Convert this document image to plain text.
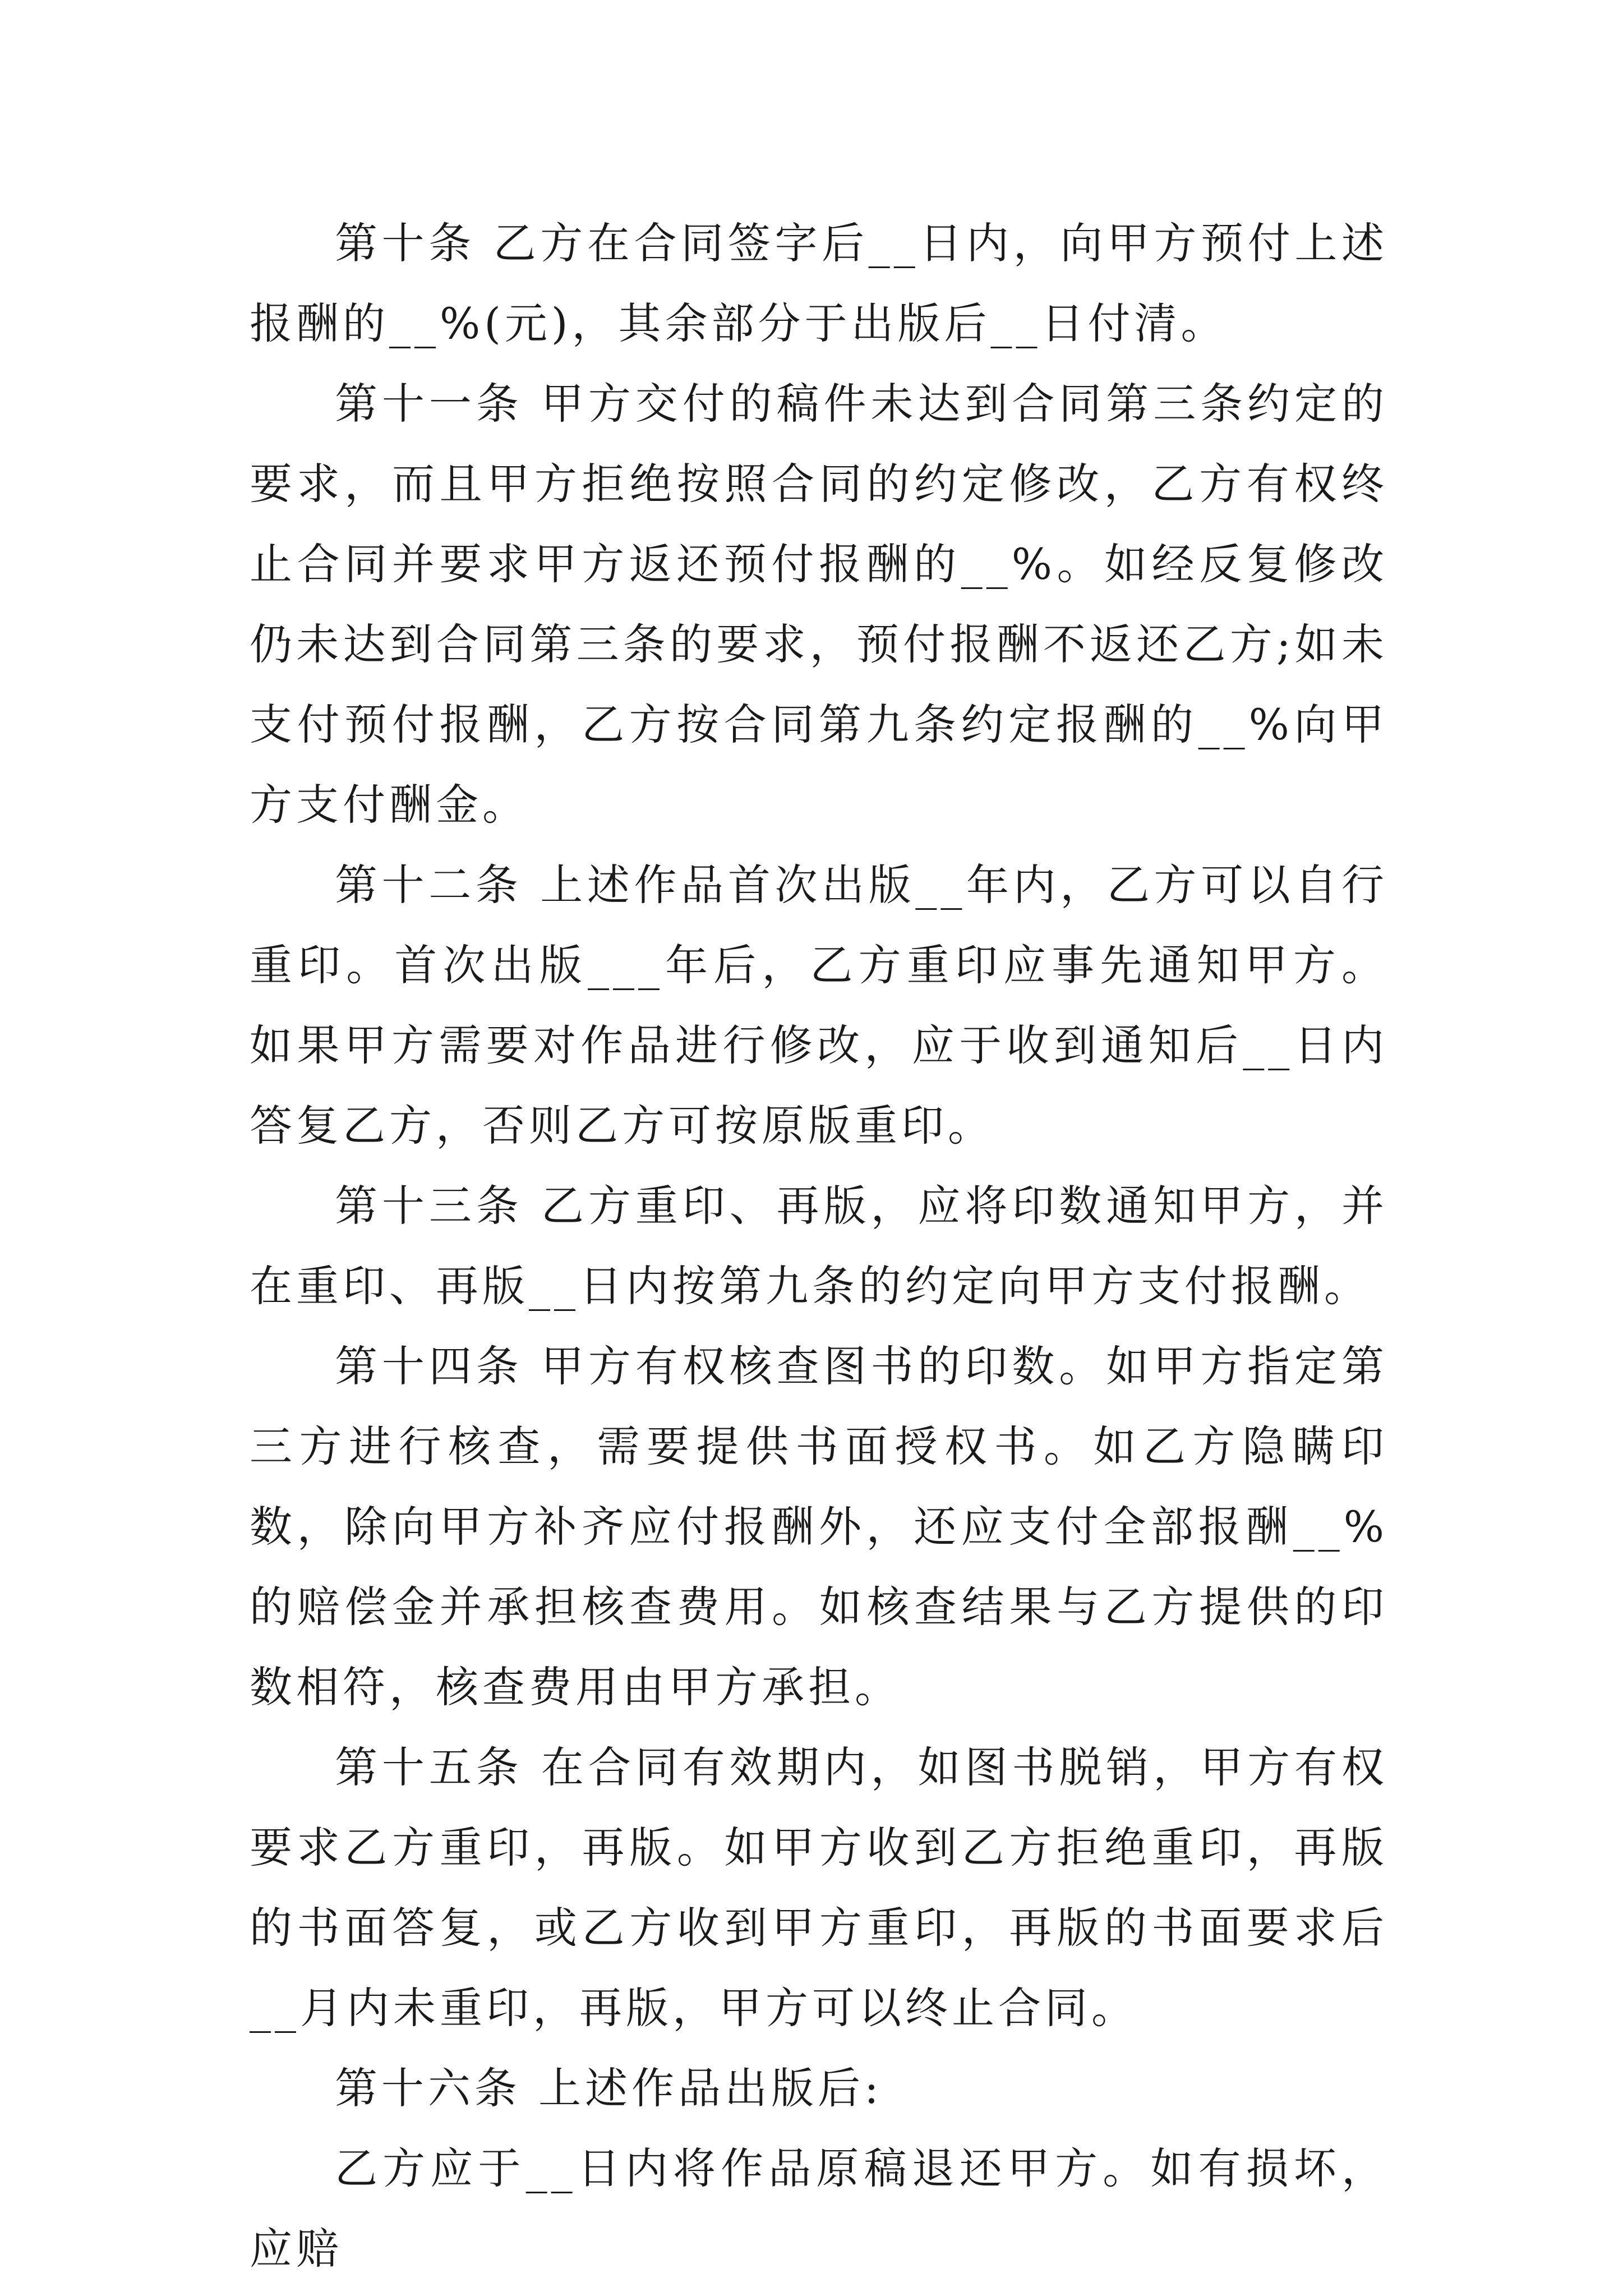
第十条 乙方在合同签字后__日内，向甲方预付上述报酬的__%(元)，其余部分于出版后__日付清。

第十一条 甲方交付的稿件未达到合同第三条约定的要求，而且甲方拒绝按照合同的约定修改，乙方有权终止合同并要求甲方返还预付报酬的__%。如经反复修改仍未达到合同第三条的要求，预付报酬不返还乙方;如未支付预付报酬，乙方按合同第九条约定报酬的__%向甲方支付酬金。

第十二条 上述作品首次出版__年内，乙方可以自行重印。首次出版___年后，乙方重印应事先通知甲方。如果甲方需要对作品进行修改，应于收到通知后__日内答复乙方，否则乙方可按原版重印。

第十三条 乙方重印、再版，应将印数通知甲方，并在重印、再版__日内按第九条的约定向甲方支付报酬。

第十四条 甲方有权核查图书的印数。如甲方指定第三方进行核查，需要提供书面授权书。如乙方隐瞒印数，除向甲方补齐应付报酬外，还应支付全部报酬__%的赔偿金并承担核查费用。如核查结果与乙方提供的印数相符，核查费用由甲方承担。

第十五条 在合同有效期内，如图书脱销，甲方有权要求乙方重印，再版。如甲方收到乙方拒绝重印，再版的书面答复，或乙方收到甲方重印，再版的书面要求后__月内未重印，再版，甲方可以终止合同。

第十六条 上述作品出版后:

乙方应于__日内将作品原稿退还甲方。如有损坏，应赔
